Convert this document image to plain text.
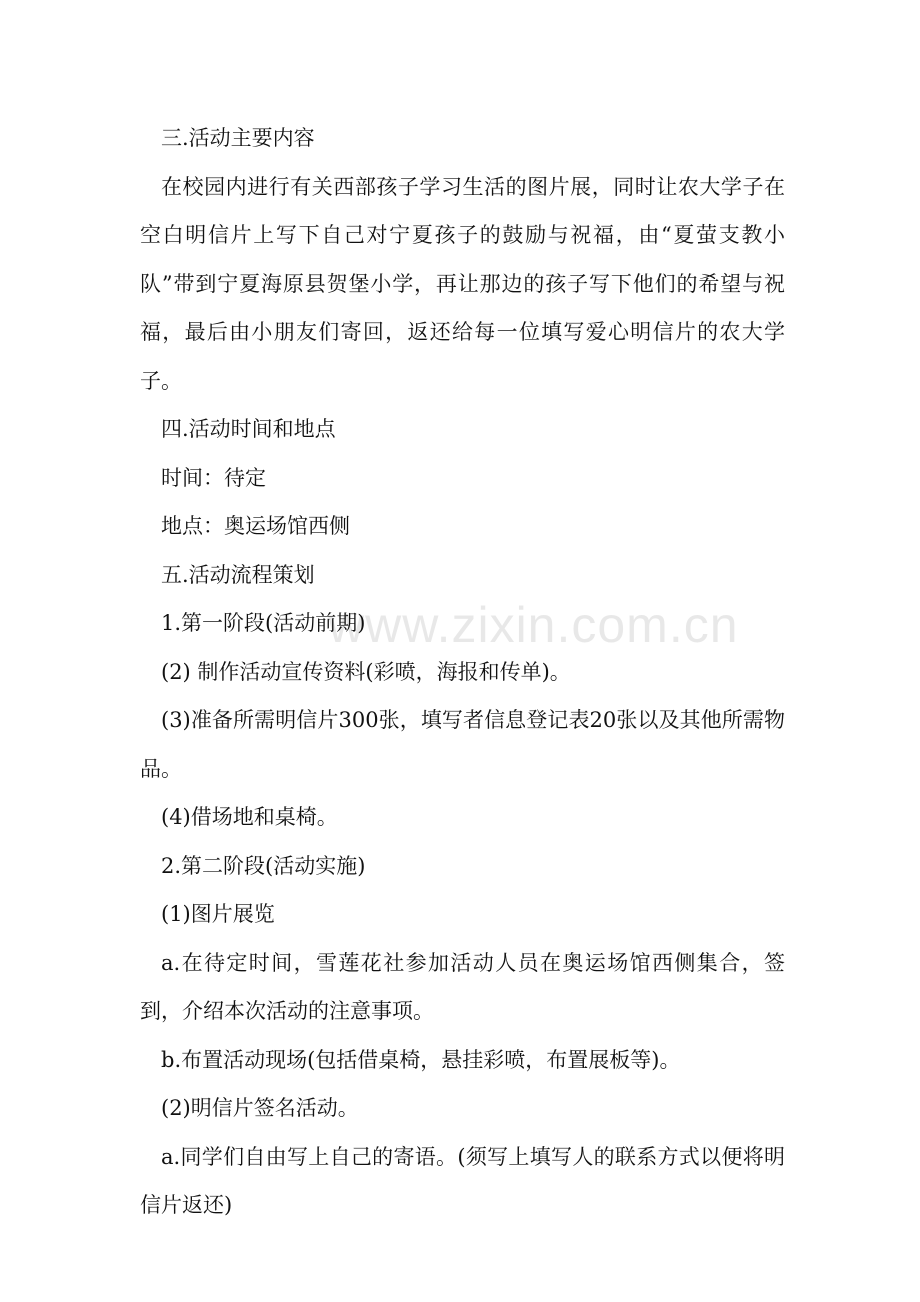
三.活动主要内容

在校园内进行有关西部孩子学习生活的图片展，同时让农大学子在空白明信片上写下自己对宁夏孩子的鼓励与祝福，由“夏萤支教小队”带到宁夏海原县贺堡小学，再让那边的孩子写下他们的希望与祝福，最后由小朋友们寄回，返还给每一位填写爱心明信片的农大学子。

四.活动时间和地点

时间：待定

地点：奥运场馆西侧

五.活动流程策划

1.第一阶段(活动前期)

(2) 制作活动宣传资料(彩喷，海报和传单)。

(3)准备所需明信片300张，填写者信息登记表20张以及其他所需物品。

(4)借场地和桌椅。

2.第二阶段(活动实施)

(1)图片展览

a.在待定时间，雪莲花社参加活动人员在奥运场馆西侧集合，签到，介绍本次活动的注意事项。

b.布置活动现场(包括借桌椅，悬挂彩喷，布置展板等)。

(2)明信片签名活动。

a.同学们自由写上自己的寄语。(须写上填写人的联系方式以便将明信片返还)

www.zixin.com.cn
